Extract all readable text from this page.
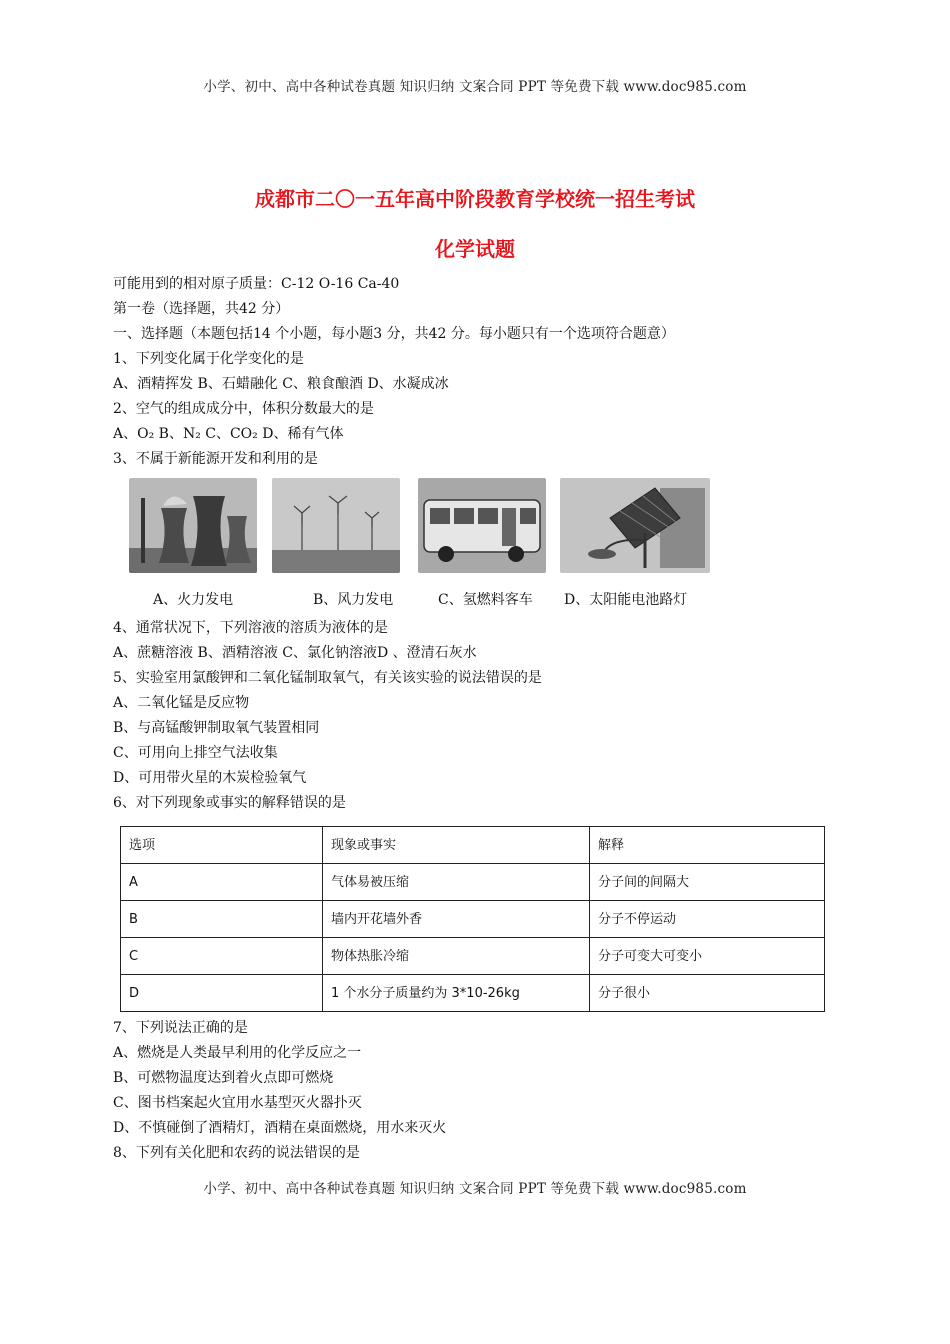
小学、初中、高中各种试卷真题 知识归纳 文案合同 PPT 等免费下载 www.doc985.com
成都市二〇一五年高中阶段教育学校统一招生考试
化学试题
可能用到的相对原子质量：C-12 O-16 Ca-40
第一卷（选择题，共42 分）
一、选择题（本题包括14 个小题，每小题3 分，共42 分。每小题只有一个选项符合题意）
1、下列变化属于化学变化的是
A、酒精挥发 B、石蜡融化 C、粮食酿酒 D、水凝成冰
2、空气的组成成分中，体积分数最大的是
A、O₂ B、N₂ C、CO₂ D、稀有气体
3、不属于新能源开发和利用的是
A、火力发电	B、风力发电	C、氢燃料客车 D、太阳能电池路灯
4、通常状况下，下列溶液的溶质为液体的是
A、蔗糖溶液 B、酒精溶液 C、氯化钠溶液D 、澄清石灰水
5、实验室用氯酸钾和二氧化锰制取氧气，有关该实验的说法错误的是
A、二氧化锰是反应物
B、与高锰酸钾制取氧气装置相同
C、可用向上排空气法收集
D、可用带火星的木炭检验氧气
6、对下列现象或事实的解释错误的是
选项	现象或事实	解释
A	气体易被压缩	分子间的间隔大
B	墙内开花墙外香	分子不停运动
C	物体热胀冷缩	分子可变大可变小
D	1 个水分子质量约为 3*10-26kg	分子很小
7、下列说法正确的是
A、燃烧是人类最早利用的化学反应之一
B、可燃物温度达到着火点即可燃烧
C、图书档案起火宜用水基型灭火器扑灭
D、不慎碰倒了酒精灯，酒精在桌面燃烧，用水来灭火
8、下列有关化肥和农药的说法错误的是
小学、初中、高中各种试卷真题 知识归纳 文案合同 PPT 等免费下载 www.doc985.com
